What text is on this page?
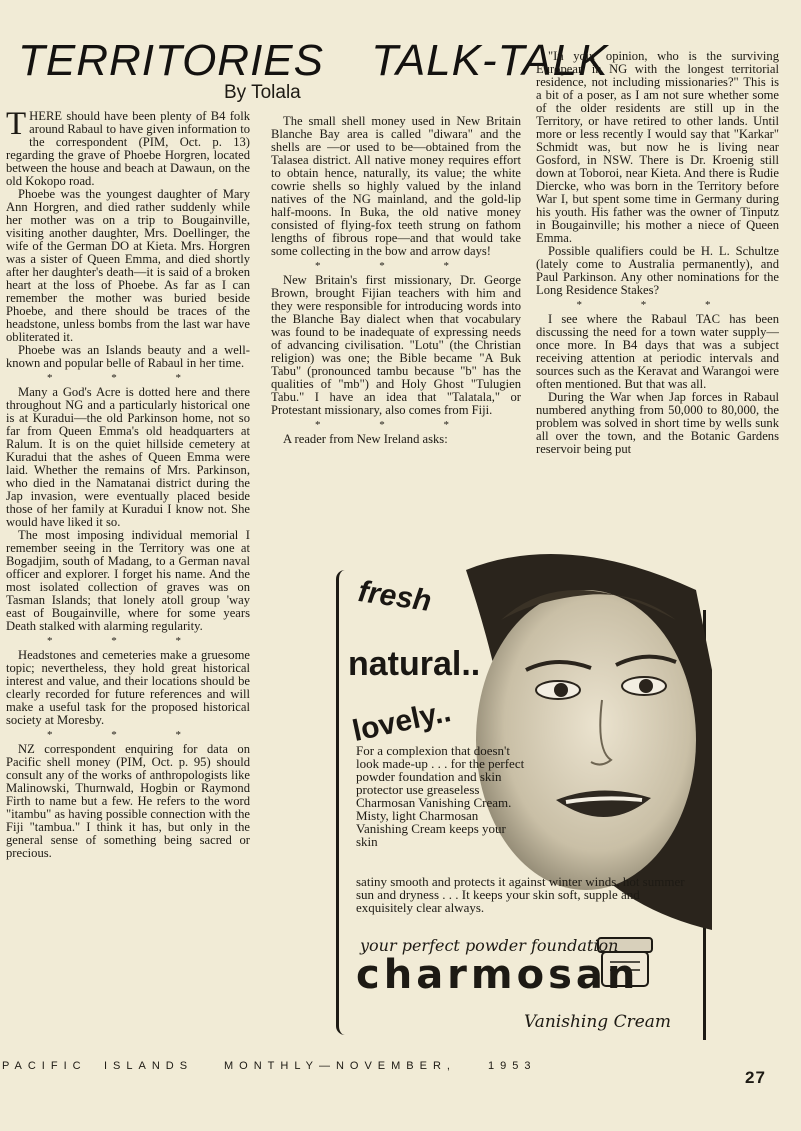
TERRITORIES TALK-TALK
By Tolala

THERE should have been plenty of B4 folk around Rabaul to have given information to the correspondent (PIM, Oct. p. 13) regarding the grave of Phoebe Horgren, located between the house and beach at Dawaun, on the old Kokopo road.

Phoebe was the youngest daughter of Mary Ann Horgren, and died rather suddenly while her mother was on a trip to Bougainville, visiting another daughter, Mrs. Doellinger, the wife of the German DO at Kieta. Mrs. Horgren was a sister of Queen Emma, and died shortly after her daughter's death—it is said of a broken heart at the loss of Phoebe. As far as I can remember the mother was buried beside Phoebe, and there should be traces of the headstone, unless bombs from the last war have obliterated it.

Phoebe was an Islands beauty and a well-known and popular belle of Rabaul in her time.

* * *

Many a God's Acre is dotted here and there throughout NG and a particularly historical one is at Kuradui—the old Parkinson home, not so far from Queen Emma's old headquarters at Ralum. It is on the quiet hillside cemetery at Kuradui that the ashes of Queen Emma were laid. Whether the remains of Mrs. Parkinson, who died in the Namatanai district during the Jap invasion, were eventually placed beside those of her family at Kuradui I know not. She would have liked it so.

The most imposing individual memorial I remember seeing in the Territory was one at Bogadjim, south of Madang, to a German naval officer and explorer. I forget his name. And the most isolated collection of graves was on Tasman Islands; that lonely atoll group 'way east of Bougainville, where for some years Death stalked with alarming regularity.

* * *

Headstones and cemeteries make a gruesome topic; nevertheless, they hold great historical interest and value, and their locations should be clearly recorded for future references and will make a useful task for the proposed historical society at Moresby.

* * *

NZ correspondent enquiring for data on Pacific shell money (PIM, Oct. p. 95) should consult any of the works of anthropologists like Malinowski, Thurnwald, Hogbin or Raymond Firth to name but a few. He refers to the word "itambu" as having possible connection with the Fiji "tambua." I think it has, but only in the general sense of something being sacred or precious.

The small shell money used in New Britain Blanche Bay area is called "diwara" and the shells are —or used to be—obtained from the Talasea district. All native money requires effort to obtain hence, naturally, its value; the white cowrie shells so highly valued by the inland natives of the NG mainland, and the gold-lip half-moons. In Buka, the old native money consisted of flying-fox teeth strung on fathom lengths of fibrous rope—and that would take some collecting in the bow and arrow days!

* * *

New Britain's first missionary, Dr. George Brown, brought Fijian teachers with him and they were responsible for introducing words into the Blanche Bay dialect when that vocabulary was found to be inadequate of expressing needs of advancing civilisation. "Lotu" (the Christian religion) was one; the Bible became "A Buk Tabu" (pronounced tambu because "b" has the qualities of "mb") and Holy Ghost "Tulugien Tabu." I have an idea that "Talatala," or Protestant missionary, also comes from Fiji.

* * *

A reader from New Ireland asks:

"In your opinion, who is the surviving European in NG with the longest territorial residence, not including missionaries?" This is a bit of a poser, as I am not sure whether some of the older residents are still up in the Territory, or have retired to other lands. Until more or less recently I would say that "Karkar" Schmidt was, but now he is living near Gosford, in NSW. There is Dr. Kroenig still down at Toboroi, near Kieta. And there is Rudie Diercke, who was born in the Territory before War I, but spent some time in Germany during his youth. His father was the owner of Tinputz in Bougainville; his mother a niece of Queen Emma.

Possible qualifiers could be H. L. Schultze (lately come to Australia permanently), and Paul Parkinson. Any other nominations for the Long Residence Stakes?

* * *

I see where the Rabaul TAC has been discussing the need for a town water supply—once more. In B4 days that was a subject receiving attention at periodic intervals and sources such as the Keravat and Warangoi were often mentioned. But that was all.

During the War when Jap forces in Rabaul numbered anything from 50,000 to 80,000, the problem was solved in short time by wells sunk all over the town, and the Botanic Gardens reservoir being put

fresh
natural..
lovely..
For a complexion that doesn't look made-up . . . for the perfect powder foundation and skin protector use greaseless Charmosan Vanishing Cream. Misty, light Charmosan Vanishing Cream keeps your skin
satiny smooth and protects it against winter winds, hot summer sun and dryness . . . It keeps your skin soft, supple and exquisitely clear always.
your perfect powder foundation
charmosan
Vanishing Cream
PACIFIC ISLANDS	MONTHLY—NOVEMBER,	1953
27
